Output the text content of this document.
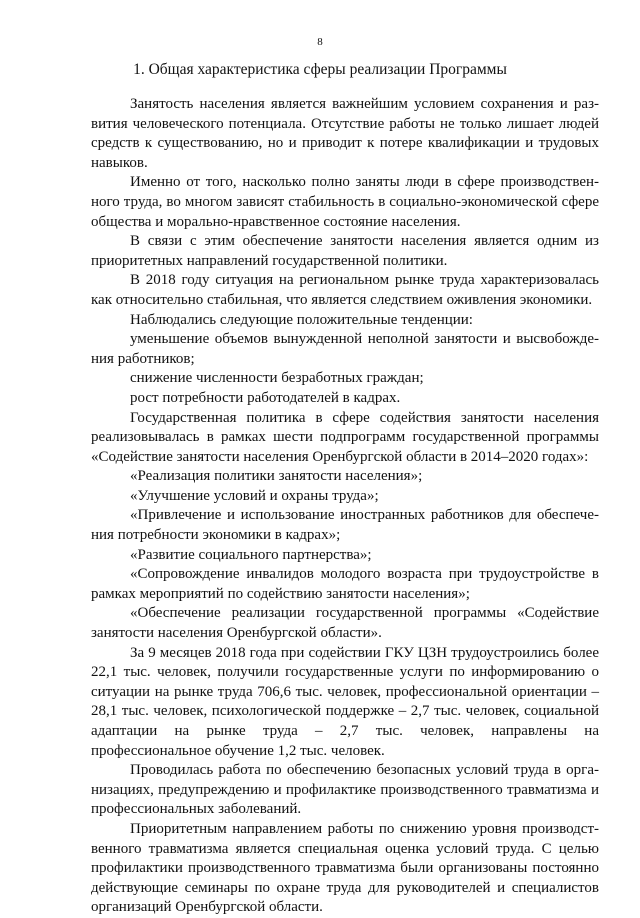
8
1. Общая характеристика сферы реализации Программы

Занятость населения является важнейшим условием сохранения и развития человеческого потенциала. Отсутствие работы не только лишает людей средств к существованию, но и приводит к потере квалификации и трудовых навыков.

Именно от того, насколько полно заняты люди в сфере производственного труда, во многом зависят стабильность в социально-экономической сфере общества и морально-нравственное состояние населения.

В связи с этим обеспечение занятости населения является одним из приоритетных направлений государственной политики.

В 2018 году ситуация на региональном рынке труда характеризовалась как относительно стабильная, что является следствием оживления экономики.

Наблюдались следующие положительные тенденции:

уменьшение объемов вынужденной неполной занятости и высвобождения работников;

снижение численности безработных граждан;

рост потребности работодателей в кадрах.

Государственная политика в сфере содействия занятости населения реализовывалась в рамках шести подпрограмм государственной программы «Содействие занятости населения Оренбургской области в 2014–2020 годах»:

«Реализация политики занятости населения»;

«Улучшение условий и охраны труда»;

«Привлечение и использование иностранных работников для обеспечения потребности экономики в кадрах»;

«Развитие социального партнерства»;

«Сопровождение инвалидов молодого возраста при трудоустройстве в рамках мероприятий по содействию занятости населения»;

«Обеспечение реализации государственной программы «Содействие занятости населения Оренбургской области».

За 9 месяцев 2018 года при содействии ГКУ ЦЗН трудоустроились более 22,1 тыс. человек, получили государственные услуги по информированию о ситуации на рынке труда 706,6 тыс. человек, профессиональной ориентации – 28,1 тыс. человек, психологической поддержке – 2,7 тыс. человек, социальной адаптации на рынке труда – 2,7 тыс. человек, направлены на профессиональное обучение 1,2 тыс. человек.

Проводилась работа по обеспечению безопасных условий труда в организациях, предупреждению и профилактике производственного травматизма и профессиональных заболеваний.

Приоритетным направлением работы по снижению уровня производственного травматизма является специальная оценка условий труда. С целью профилактики производственного травматизма были организованы постоянно действующие семинары по охране труда для руководителей и специалистов организаций Оренбургской области.
